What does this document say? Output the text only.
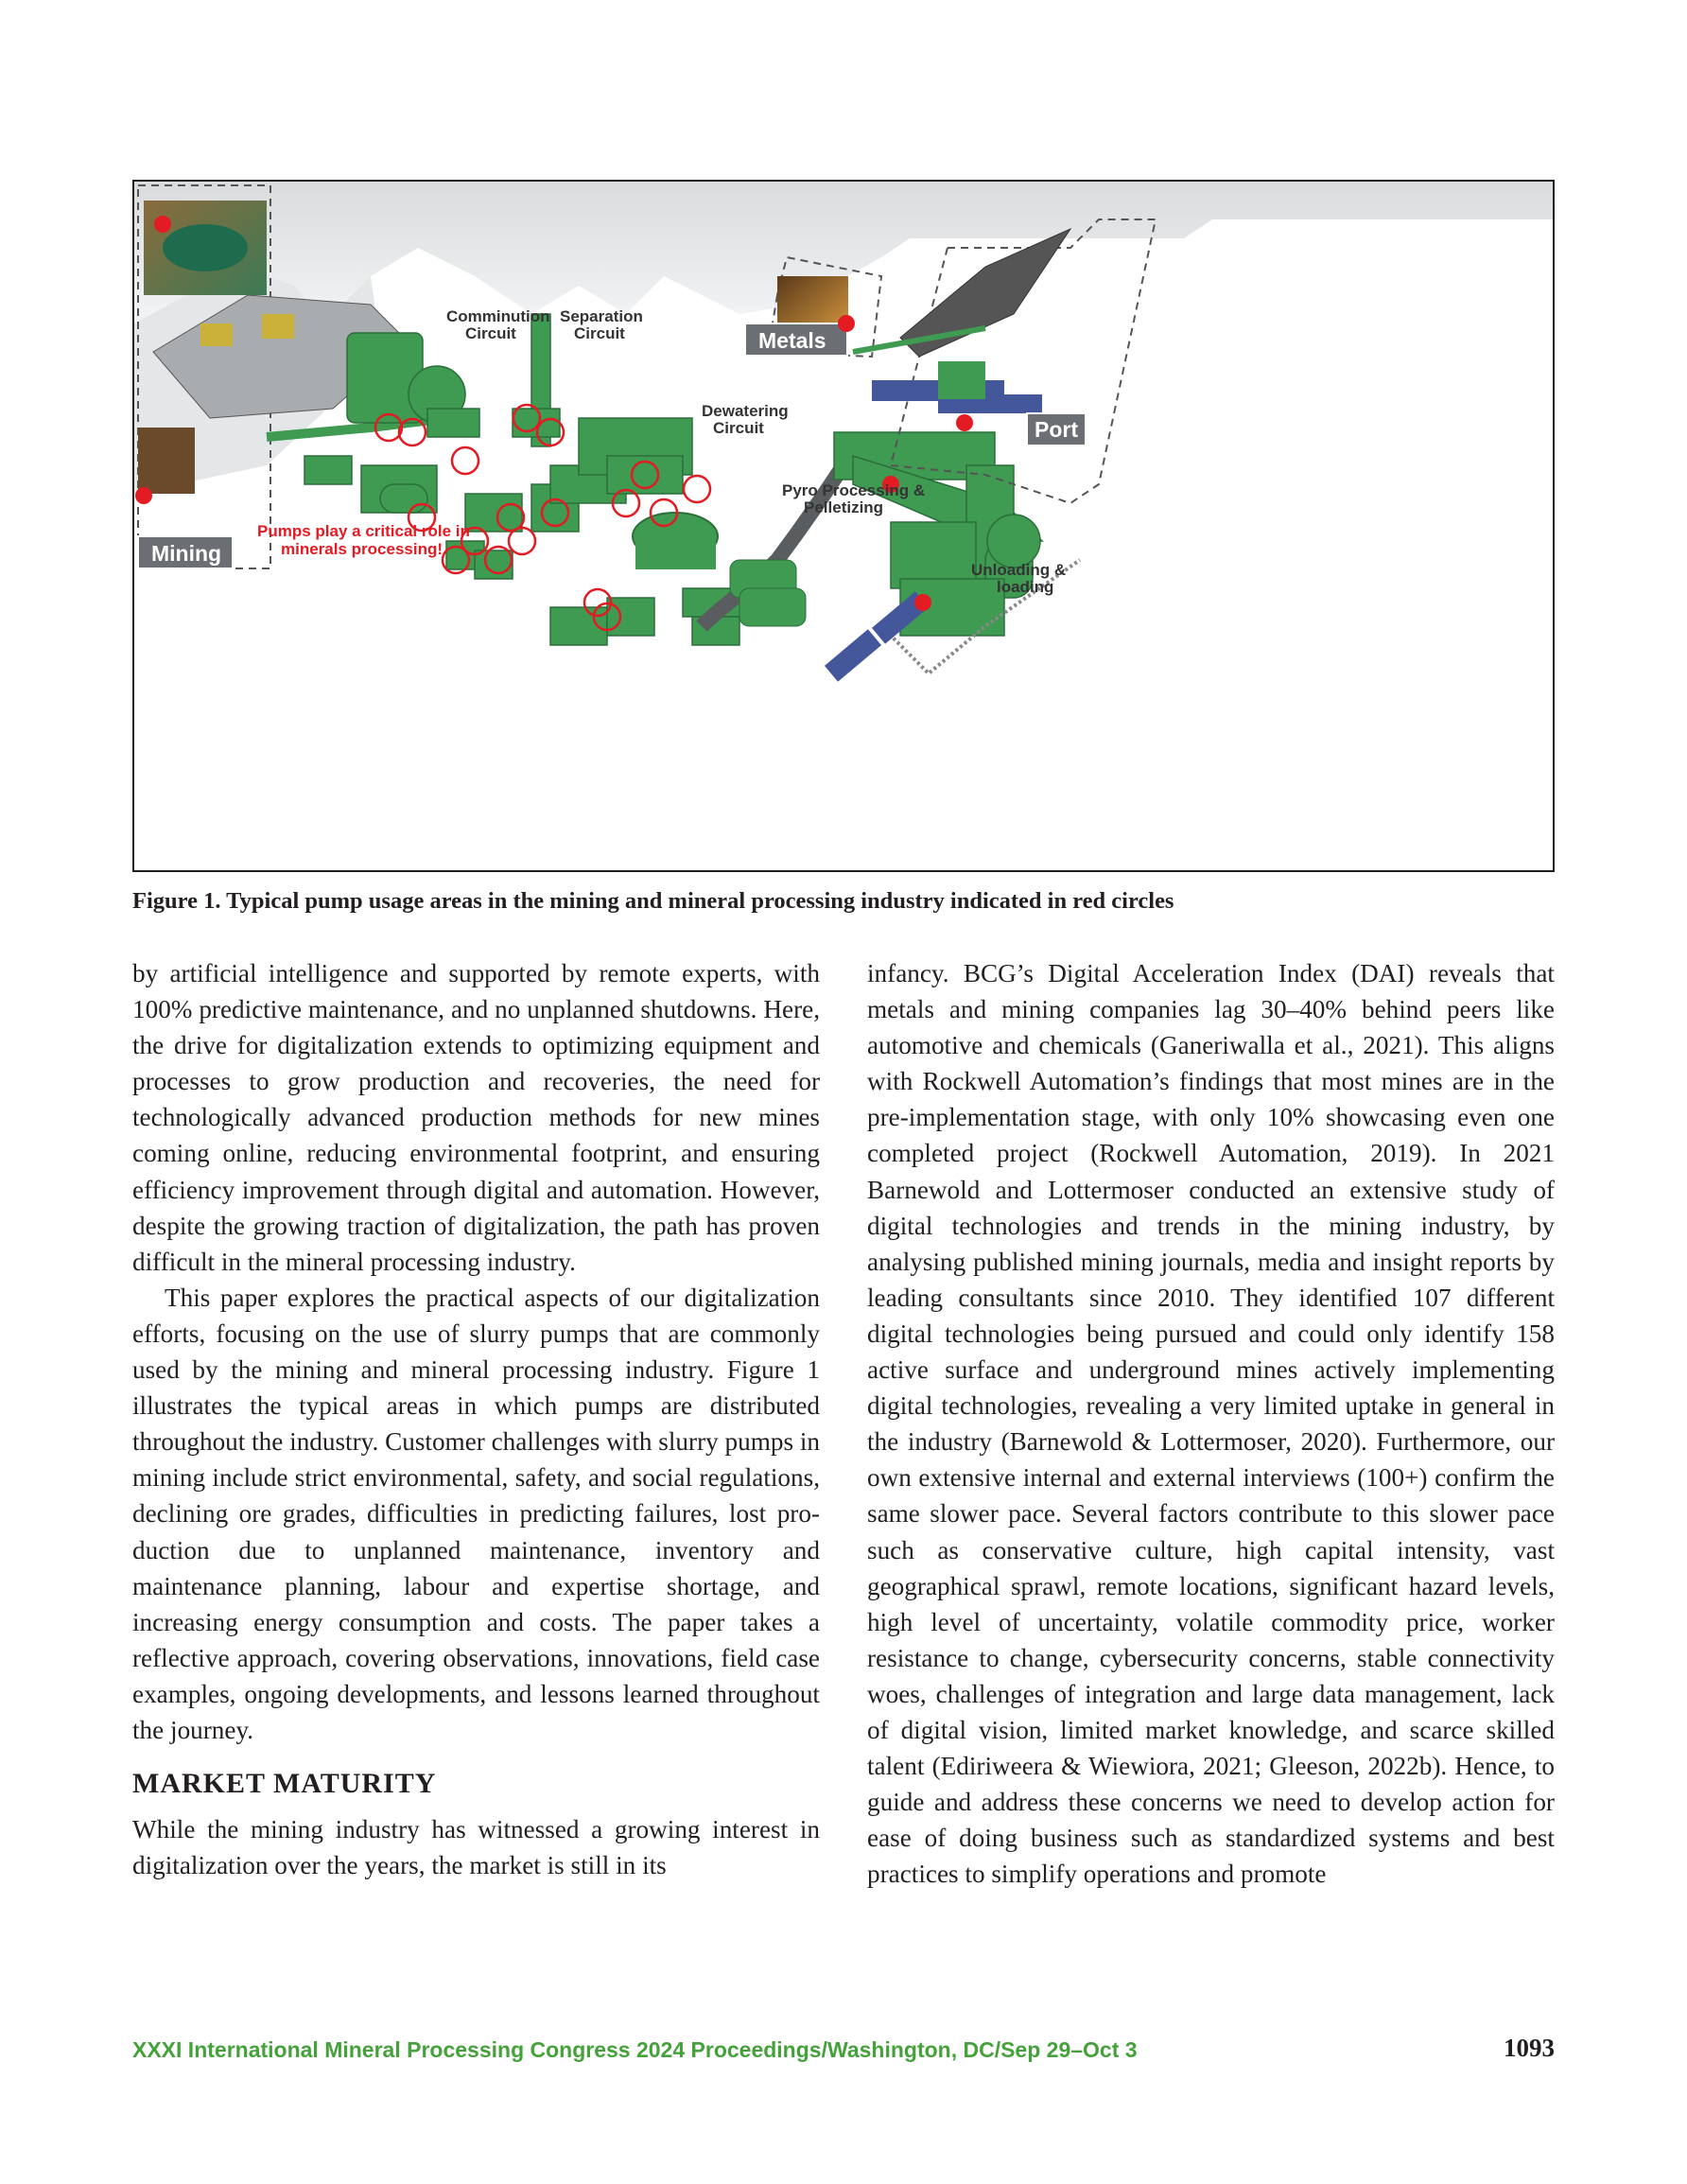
Mining
Metals
Port
Comminution
Circuit
Separation
Circuit
Dewatering
Circuit
Pyro Processing &
Pelletizing
Unloading &
loading
Pumps play a critical role in
minerals processing!
Figure 1. Typical pump usage areas in the mining and mineral processing industry indicated in red circles

by artificial intelligence and supported by remote experts, with 100% predictive maintenance, and no unplanned shutdowns. Here, the drive for digitalization extends to optimizing equipment and processes to grow production and recoveries, the need for technologically advanced production methods for new mines coming online, reducing environmental footprint, and ensuring efficiency improvement through digital and automation. However, despite the growing traction of digitalization, the path has proven difficult in the mineral processing industry.

This paper explores the practical aspects of our digitalization efforts, focusing on the use of slurry pumps that are commonly used by the mining and mineral processing industry. Figure 1 illustrates the typical areas in which pumps are distributed throughout the industry. Customer challenges with slurry pumps in mining include strict environmental, safety, and social regulations, declining ore grades, difficulties in predicting failures, lost production due to unplanned maintenance, inventory and maintenance planning, labour and expertise shortage, and increasing energy consumption and costs. The paper takes a reflective approach, covering observations, innovations, field case examples, ongoing developments, and lessons learned throughout the journey.

MARKET MATURITY

While the mining industry has witnessed a growing interest in digitalization over the years, the market is still in its

infancy. BCG’s Digital Acceleration Index (DAI) reveals that metals and mining companies lag 30–40% behind peers like automotive and chemicals (Ganeriwalla et al., 2021). This aligns with Rockwell Automation’s findings that most mines are in the pre-implementation stage, with only 10% showcasing even one completed project (Rockwell Automation, 2019). In 2021 Barnewold and Lottermoser conducted an extensive study of digital technologies and trends in the mining industry, by analysing published mining journals, media and insight reports by leading consultants since 2010. They identified 107 different digital technologies being pursued and could only identify 158 active surface and underground mines actively implementing digital technologies, revealing a very limited uptake in general in the industry (Barnewold & Lottermoser, 2020). Furthermore, our own extensive internal and external interviews (100+) confirm the same slower pace. Several factors contribute to this slower pace such as conservative culture, high capital intensity, vast geographical sprawl, remote locations, significant hazard levels, high level of uncertainty, volatile commodity price, worker resistance to change, cybersecurity concerns, stable connectivity woes, challenges of integration and large data management, lack of digital vision, limited market knowledge, and scarce skilled talent (Ediriweera & Wiewiora, 2021; Gleeson, 2022b). Hence, to guide and address these concerns we need to develop action for ease of doing business such as standardized systems and best practices to simplify operations and promote

XXXI International Mineral Processing Congress 2024 Proceedings/Washington, DC/Sep 29–Oct 3	1093
